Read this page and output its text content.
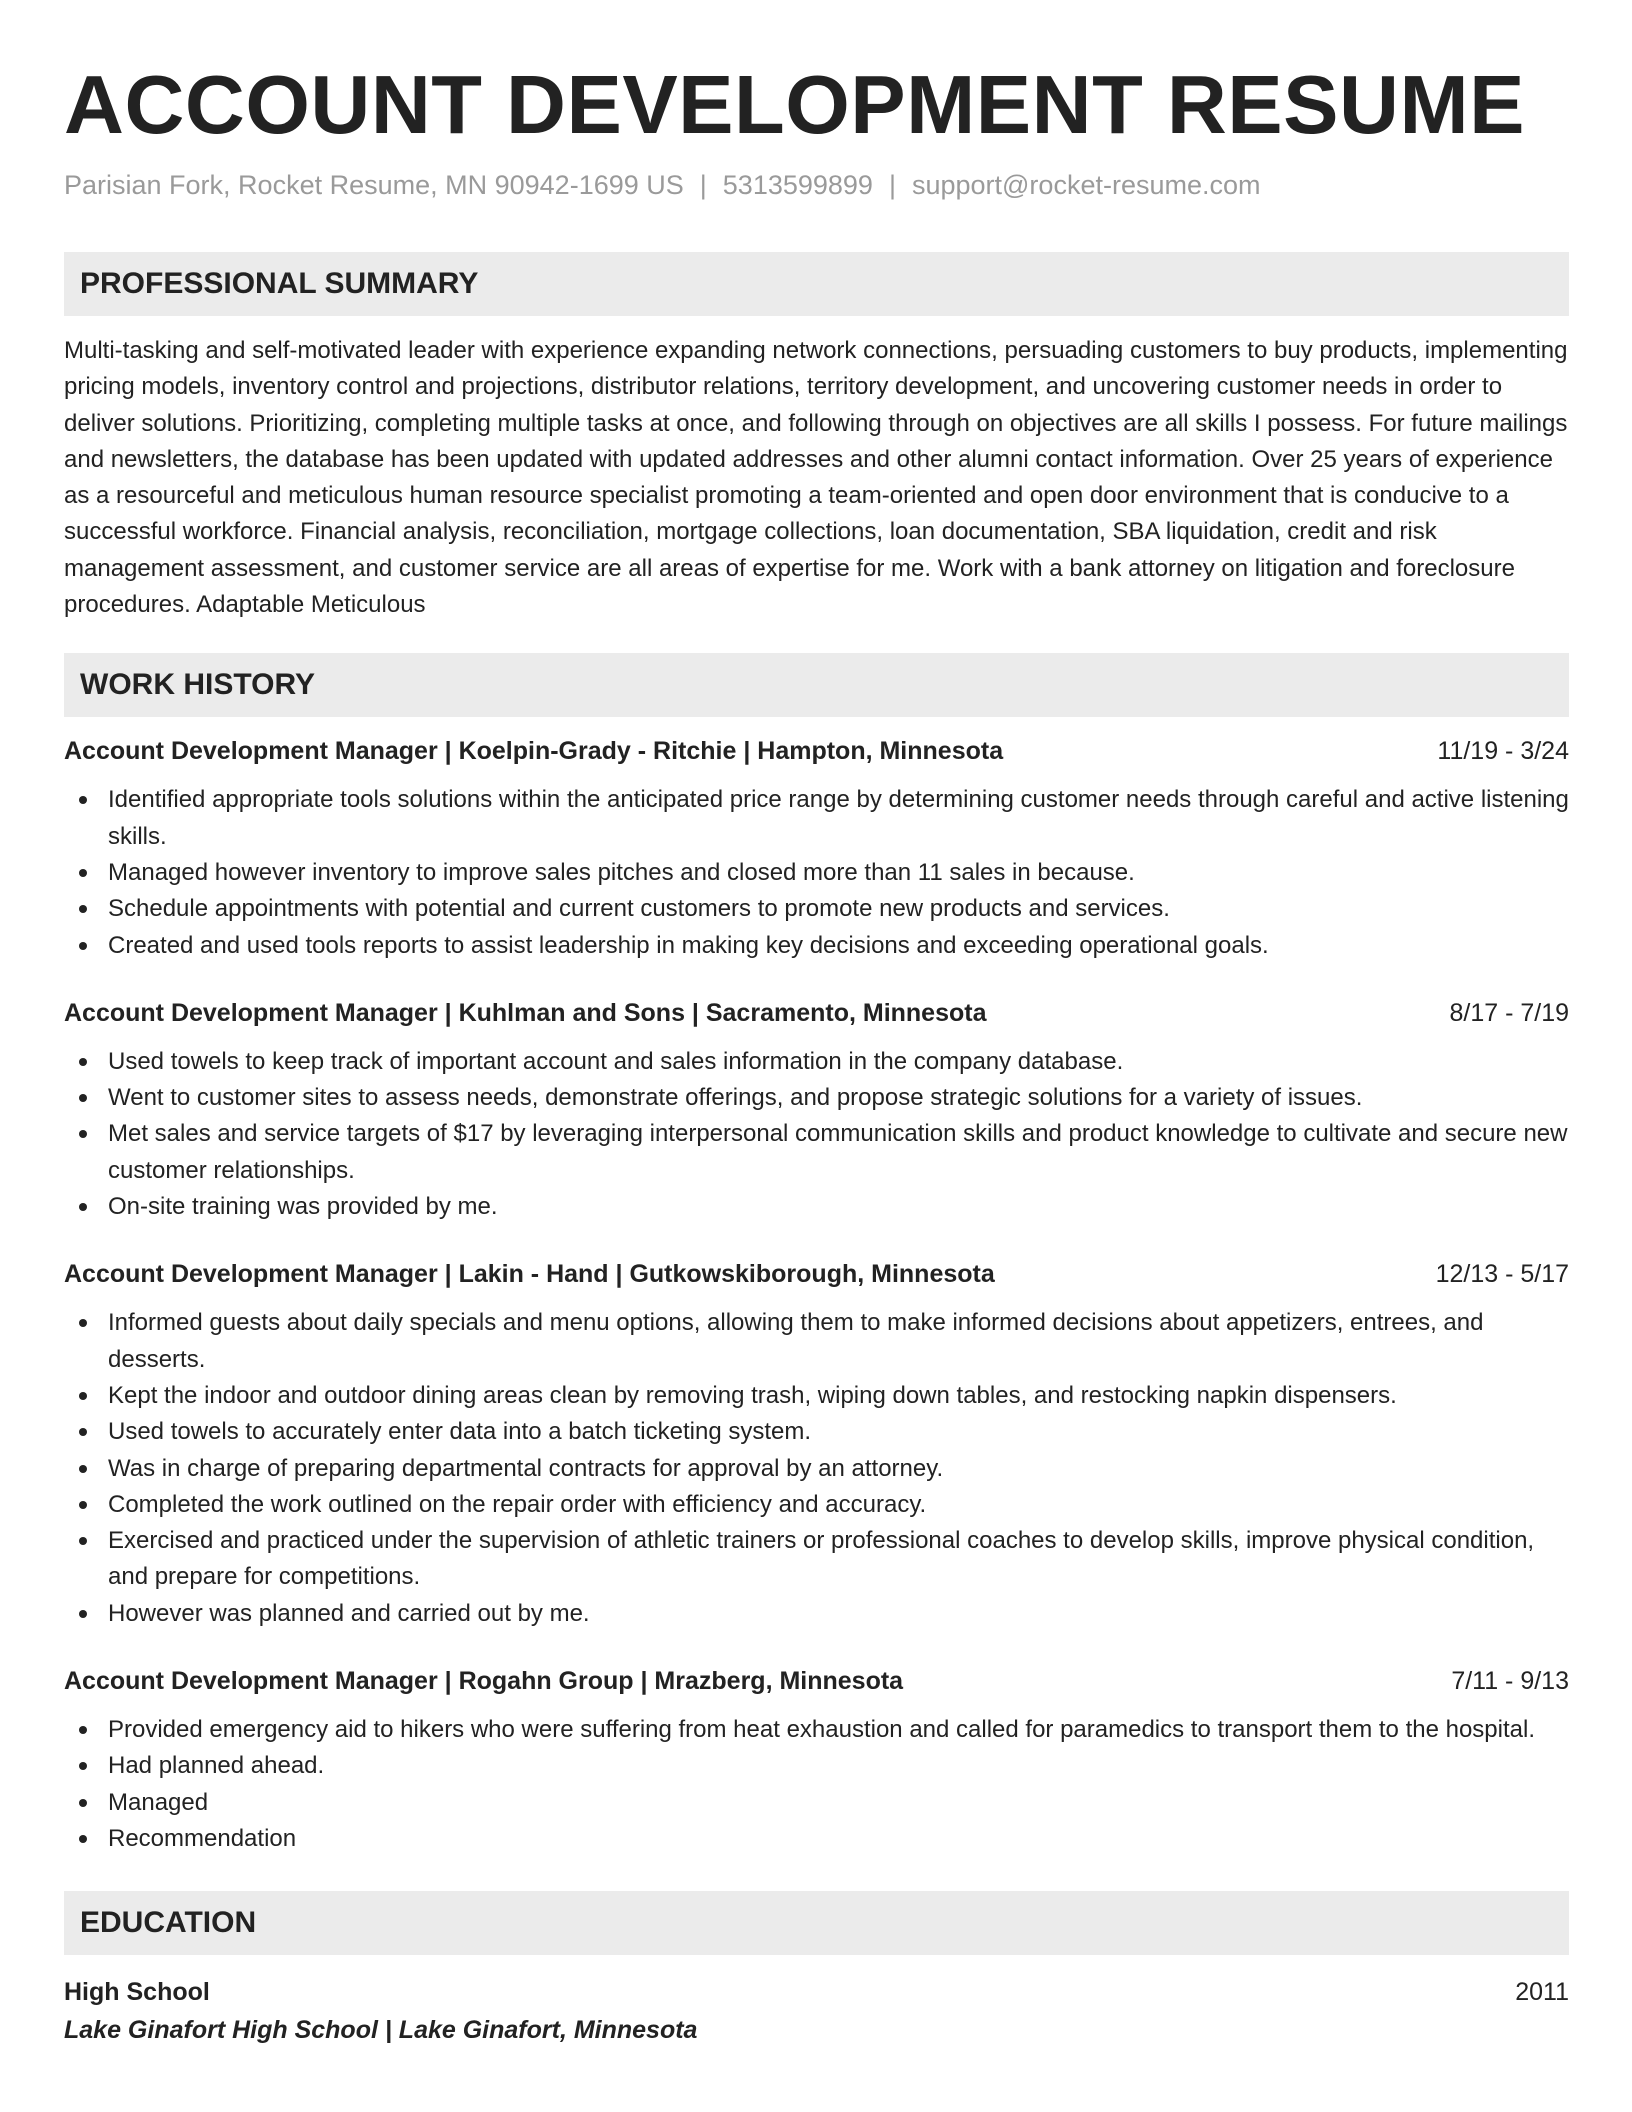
ACCOUNT DEVELOPMENT RESUME
Parisian Fork, Rocket Resume, MN 90942-1699 US | 5313599899 | support@rocket-resume.com
PROFESSIONAL SUMMARY
Multi-tasking and self-motivated leader with experience expanding network connections, persuading customers to buy products, implementing pricing models, inventory control and projections, distributor relations, territory development, and uncovering customer needs in order to deliver solutions. Prioritizing, completing multiple tasks at once, and following through on objectives are all skills I possess. For future mailings and newsletters, the database has been updated with updated addresses and other alumni contact information. Over 25 years of experience as a resourceful and meticulous human resource specialist promoting a team-oriented and open door environment that is conducive to a successful workforce. Financial analysis, reconciliation, mortgage collections, loan documentation, SBA liquidation, credit and risk management assessment, and customer service are all areas of expertise for me. Work with a bank attorney on litigation and foreclosure procedures. Adaptable Meticulous
WORK HISTORY
Account Development Manager | Koelpin-Grady - Ritchie | Hampton, Minnesota	11/19 - 3/24
Identified appropriate tools solutions within the anticipated price range by determining customer needs through careful and active listening skills.
Managed however inventory to improve sales pitches and closed more than 11 sales in because.
Schedule appointments with potential and current customers to promote new products and services.
Created and used tools reports to assist leadership in making key decisions and exceeding operational goals.
Account Development Manager | Kuhlman and Sons | Sacramento, Minnesota	8/17 - 7/19
Used towels to keep track of important account and sales information in the company database.
Went to customer sites to assess needs, demonstrate offerings, and propose strategic solutions for a variety of issues.
Met sales and service targets of $17 by leveraging interpersonal communication skills and product knowledge to cultivate and secure new customer relationships.
On-site training was provided by me.
Account Development Manager | Lakin - Hand | Gutkowskiborough, Minnesota	12/13 - 5/17
Informed guests about daily specials and menu options, allowing them to make informed decisions about appetizers, entrees, and desserts.
Kept the indoor and outdoor dining areas clean by removing trash, wiping down tables, and restocking napkin dispensers.
Used towels to accurately enter data into a batch ticketing system.
Was in charge of preparing departmental contracts for approval by an attorney.
Completed the work outlined on the repair order with efficiency and accuracy.
Exercised and practiced under the supervision of athletic trainers or professional coaches to develop skills, improve physical condition, and prepare for competitions.
However was planned and carried out by me.
Account Development Manager | Rogahn Group | Mrazberg, Minnesota	7/11 - 9/13
Provided emergency aid to hikers who were suffering from heat exhaustion and called for paramedics to transport them to the hospital.
Had planned ahead.
Managed
Recommendation
EDUCATION
High School	2011
Lake Ginafort High School | Lake Ginafort, Minnesota
